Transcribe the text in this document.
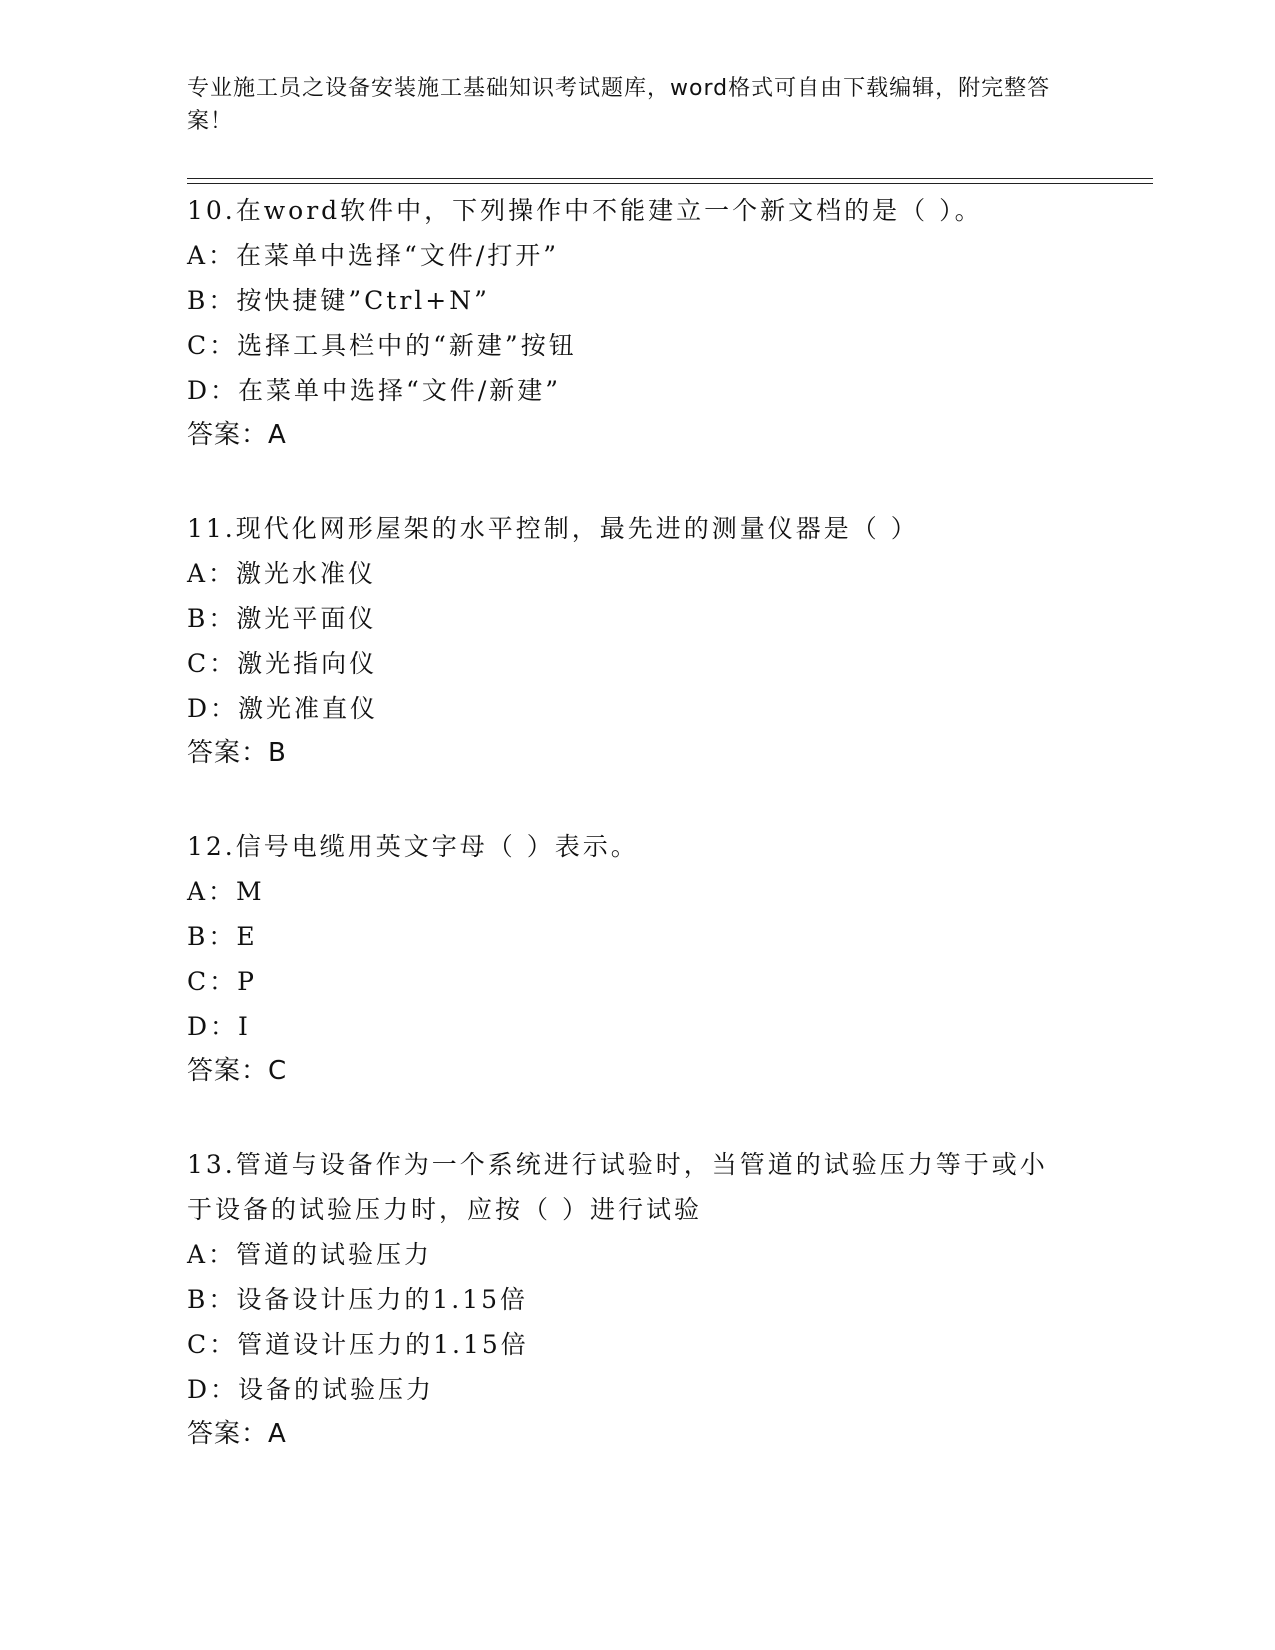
专业施工员之设备安装施工基础知识考试题库，word格式可自由下载编辑，附完整答案！
10.在word软件中，下列操作中不能建立一个新文档的是（ ）。
A：在菜单中选择“文件/打开”
B：按快捷键”Ctrl+N”
C：选择工具栏中的“新建”按钮
D：在菜单中选择“文件/新建”
答案：A
11.现代化网形屋架的水平控制，最先进的测量仪器是（ ）
A：激光水准仪
B：激光平面仪
C：激光指向仪
D：激光准直仪
答案：B
12.信号电缆用英文字母（ ）表示。
A：M
B：E
C：P
D：I
答案：C
13.管道与设备作为一个系统进行试验时，当管道的试验压力等于或小于设备的试验压力时，应按（ ）进行试验
A：管道的试验压力
B：设备设计压力的1.15倍
C：管道设计压力的1.15倍
D：设备的试验压力
答案：A
